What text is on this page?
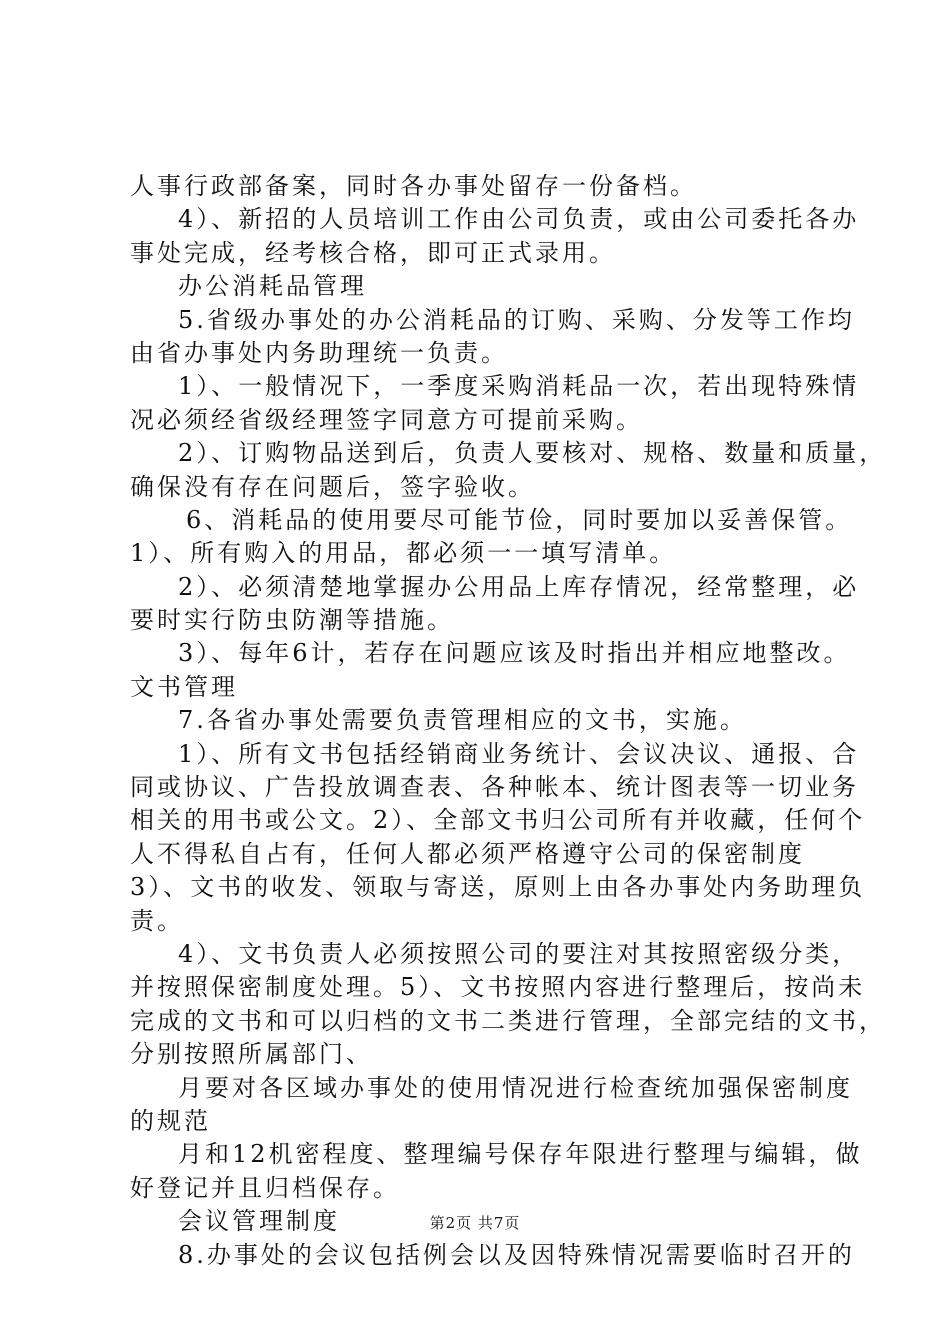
人事行政部备案，同时各办事处留存一份备档。
4）、新招的人员培训工作由公司负责，或由公司委托各办
事处完成，经考核合格，即可正式录用。
办公消耗品管理
5.省级办事处的办公消耗品的订购、采购、分发等工作均
由省办事处内务助理统一负责。
1）、一般情况下，一季度采购消耗品一次，若出现特殊情
况必须经省级经理签字同意方可提前采购。
2）、订购物品送到后，负责人要核对、规格、数量和质量，
确保没有存在问题后，签字验收。
6、消耗品的使用要尽可能节俭，同时要加以妥善保管。
1）、所有购入的用品，都必须一一填写清单。
2）、必须清楚地掌握办公用品上库存情况，经常整理，必
要时实行防虫防潮等措施。
3）、每年6计，若存在问题应该及时指出并相应地整改。
文书管理
7.各省办事处需要负责管理相应的文书，实施。
1）、所有文书包括经销商业务统计、会议决议、通报、合
同或协议、广告投放调查表、各种帐本、统计图表等一切业务
相关的用书或公文。2）、全部文书归公司所有并收藏，任何个
人不得私自占有，任何人都必须严格遵守公司的保密制度
3）、文书的收发、领取与寄送，原则上由各办事处内务助理负
责。
4）、文书负责人必须按照公司的要注对其按照密级分类，
并按照保密制度处理。5）、文书按照内容进行整理后，按尚未
完成的文书和可以归档的文书二类进行管理，全部完结的文书，
分别按照所属部门、
月要对各区域办事处的使用情况进行检查统加强保密制度
的规范
月和12机密程度、整理编号保存年限进行整理与编辑，做
好登记并且归档保存。
会议管理制度
8.办事处的会议包括例会以及因特殊情况需要临时召开的
第2页 共7页
